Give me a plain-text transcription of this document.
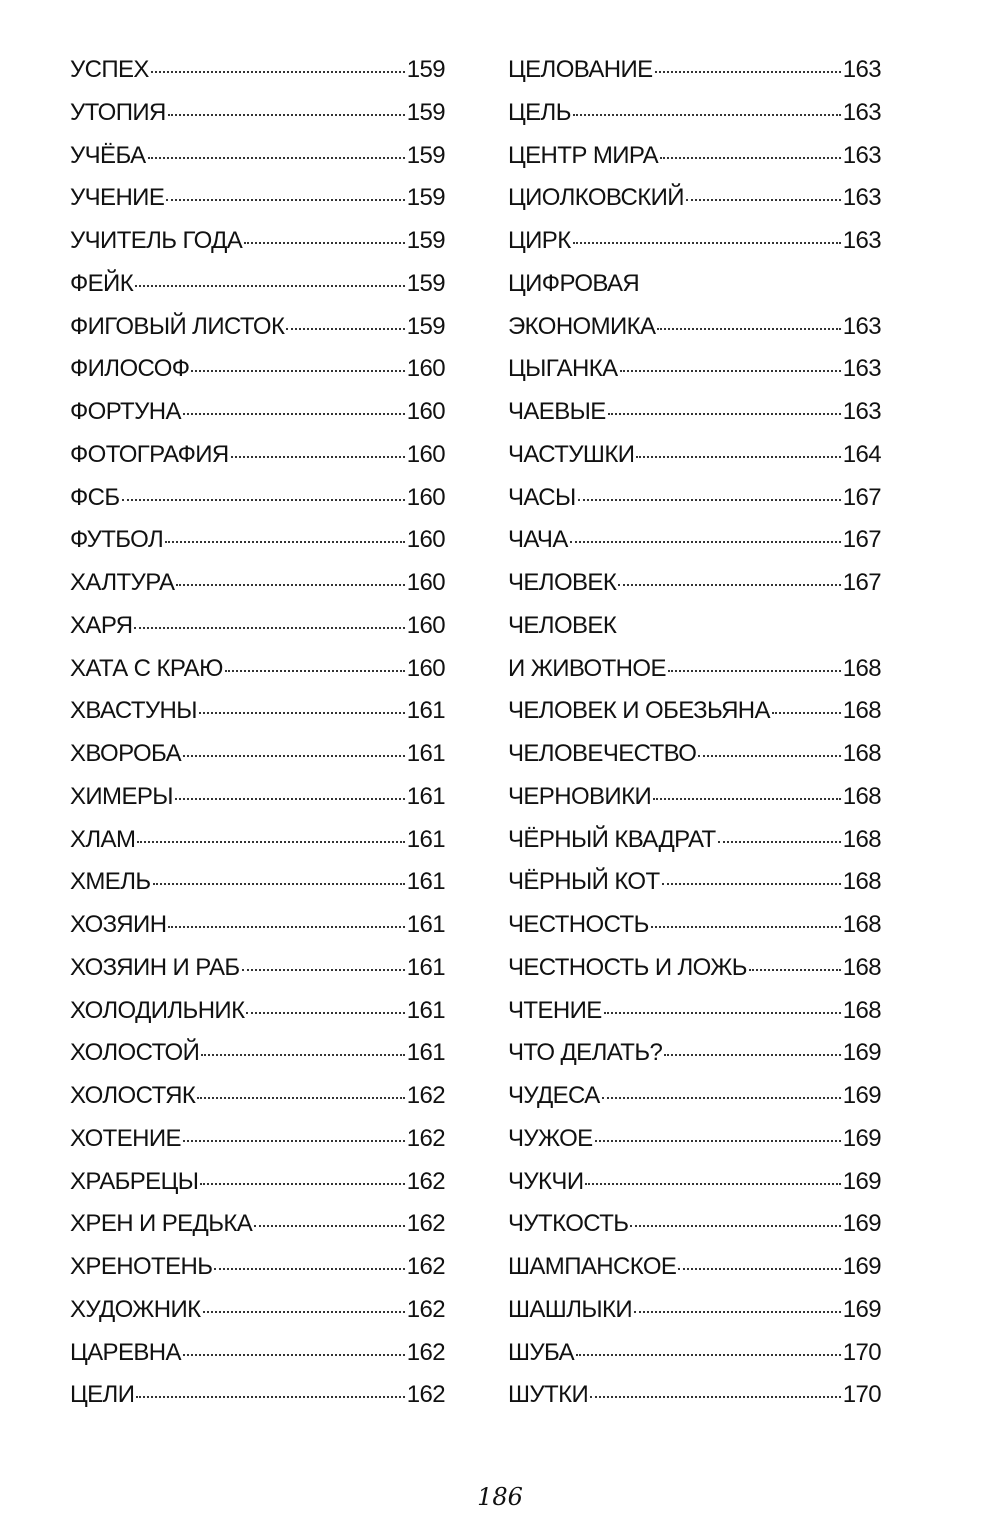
УСПЕХ	159
УТОПИЯ	159
УЧЁБА	159
УЧЕНИЕ	159
УЧИТЕЛЬ ГОДА	159
ФЕЙК	159
ФИГОВЫЙ ЛИСТОК	159
ФИЛОСОФ	160
ФОРТУНА	160
ФОТОГРАФИЯ	160
ФСБ	160
ФУТБОЛ	160
ХАЛТУРА	160
ХАРЯ	160
ХАТА С КРАЮ	160
ХВАСТУНЫ	161
ХВОРОБА	161
ХИМЕРЫ	161
ХЛАМ	161
ХМЕЛЬ	161
ХОЗЯИН	161
ХОЗЯИН И РАБ	161
ХОЛОДИЛЬНИК	161
ХОЛОСТОЙ	161
ХОЛОСТЯК	162
ХОТЕНИЕ	162
ХРАБРЕЦЫ	162
ХРЕН И РЕДЬКА	162
ХРЕНОТЕНЬ	162
ХУДОЖНИК	162
ЦАРЕВНА	162
ЦЕЛИ	162
ЦЕЛОВАНИЕ	163
ЦЕЛЬ	163
ЦЕНТР МИРА	163
ЦИОЛКОВСКИЙ	163
ЦИРК	163
ЦИФРОВАЯ
ЭКОНОМИКА	163
ЦЫГАНКА	163
ЧАЕВЫЕ	163
ЧАСТУШКИ	164
ЧАСЫ	167
ЧАЧА	167
ЧЕЛОВЕК	167
ЧЕЛОВЕК
И ЖИВОТНОЕ	168
ЧЕЛОВЕК И ОБЕЗЬЯНА	168
ЧЕЛОВЕЧЕСТВО	168
ЧЕРНОВИКИ	168
ЧЁРНЫЙ КВАДРАТ	168
ЧЁРНЫЙ КОТ	168
ЧЕСТНОСТЬ	168
ЧЕСТНОСТЬ И ЛОЖЬ	168
ЧТЕНИЕ	168
ЧТО ДЕЛАТЬ?	169
ЧУДЕСА	169
ЧУЖОЕ	169
ЧУКЧИ	169
ЧУТКОСТЬ	169
ШАМПАНСКОЕ	169
ШАШЛЫКИ	169
ШУБА	170
ШУТКИ	170
186
